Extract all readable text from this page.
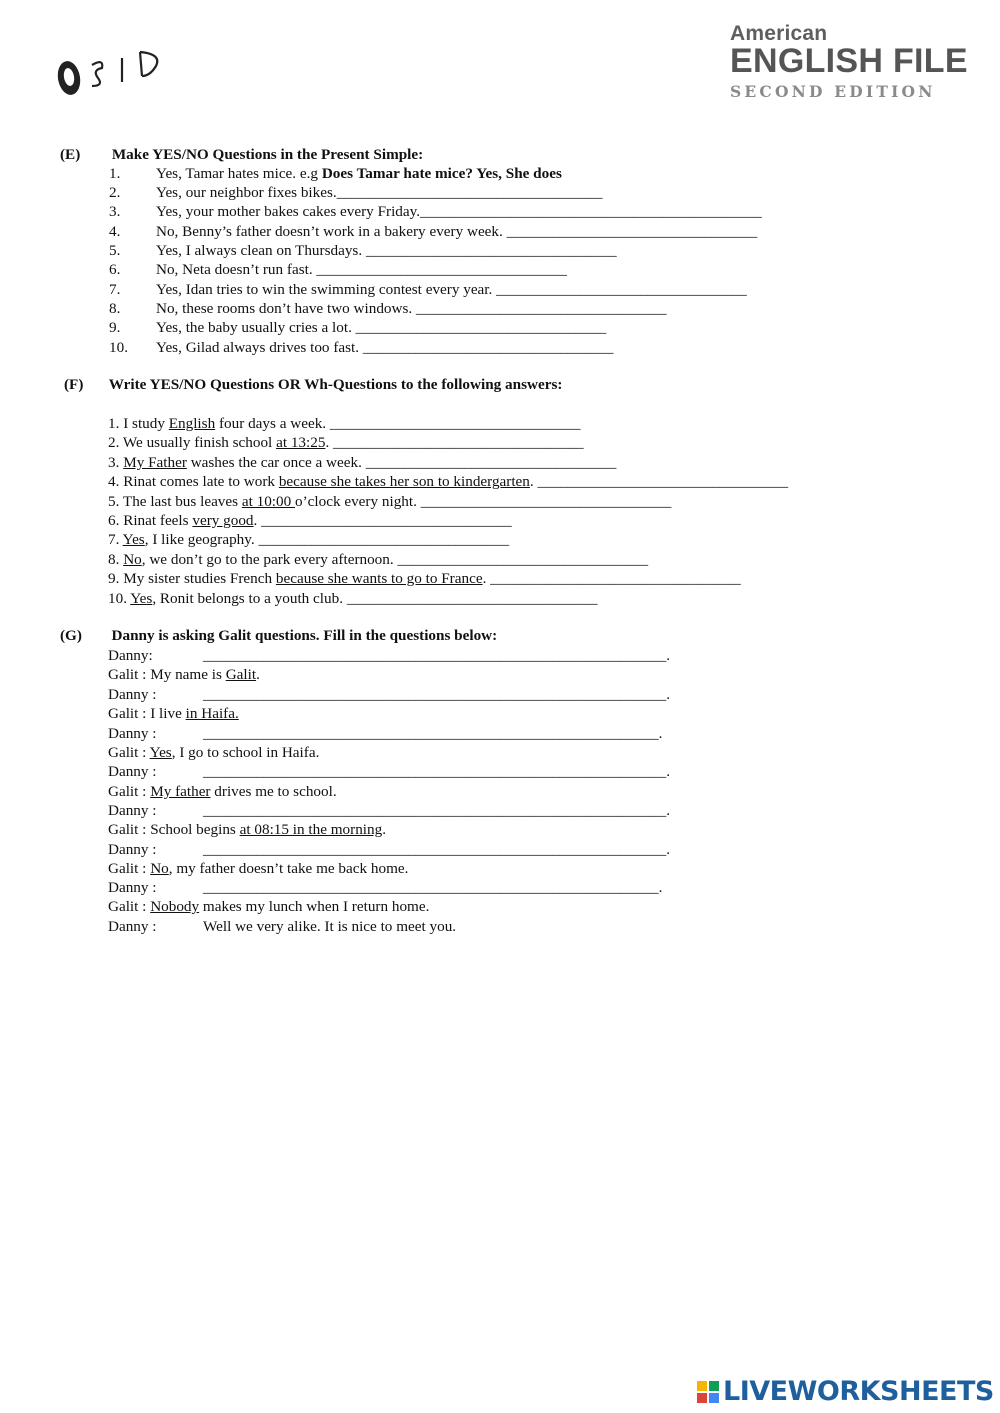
American
ENGLISH FILE
SECOND EDITION
(E) Make YES/NO Questions in the Present Simple:
1. Yes, Tamar hates mice. e.g Does Tamar hate mice? Yes, She does
2. Yes, our neighbor fixes bikes.___________________________________
3. Yes, your mother bakes cakes every Friday._____________________________________________
4. No, Benny’s father doesn’t work in a bakery every week. _________________________________
5. Yes, I always clean on Thursdays. _________________________________
6. No, Neta doesn’t run fast. _________________________________
7. Yes, Idan tries to win the swimming contest every year. _________________________________
8. No, these rooms don’t have two windows. _________________________________
9. Yes, the baby usually cries a lot. _________________________________
10. Yes, Gilad always drives too fast. _________________________________
(F) Write YES/NO Questions OR Wh-Questions to the following answers:
1. I study English four days a week. _________________________________
2. We usually finish school at 13:25. _________________________________
3. My Father washes the car once a week. _________________________________
4. Rinat comes late to work because she takes her son to kindergarten. _________________________________
5. The last bus leaves at 10:00 o’clock every night. _________________________________
6. Rinat feels very good. _________________________________
7. Yes, I like geography. _________________________________
8. No, we don’t go to the park every afternoon. _________________________________
9. My sister studies French because she wants to go to France. _________________________________
10. Yes, Ronit belongs to a youth club. _________________________________
(G) Danny is asking Galit questions. Fill in the questions below:
Danny:	_____________________________________________________________.
Galit : My name is Galit.
Danny :	_____________________________________________________________.
Galit : I live in Haifa.
Danny :	____________________________________________________________.
Galit : Yes, I go to school in Haifa.
Danny :	_____________________________________________________________.
Galit : My father drives me to school.
Danny :	_____________________________________________________________.
Galit : School begins at 08:15 in the morning.
Danny :	_____________________________________________________________.
Galit : No, my father doesn’t take me back home.
Danny :	____________________________________________________________.
Galit : Nobody makes my lunch when I return home.
Danny :	Well we very alike. It is nice to meet you.
LIVEWORKSHEETS
